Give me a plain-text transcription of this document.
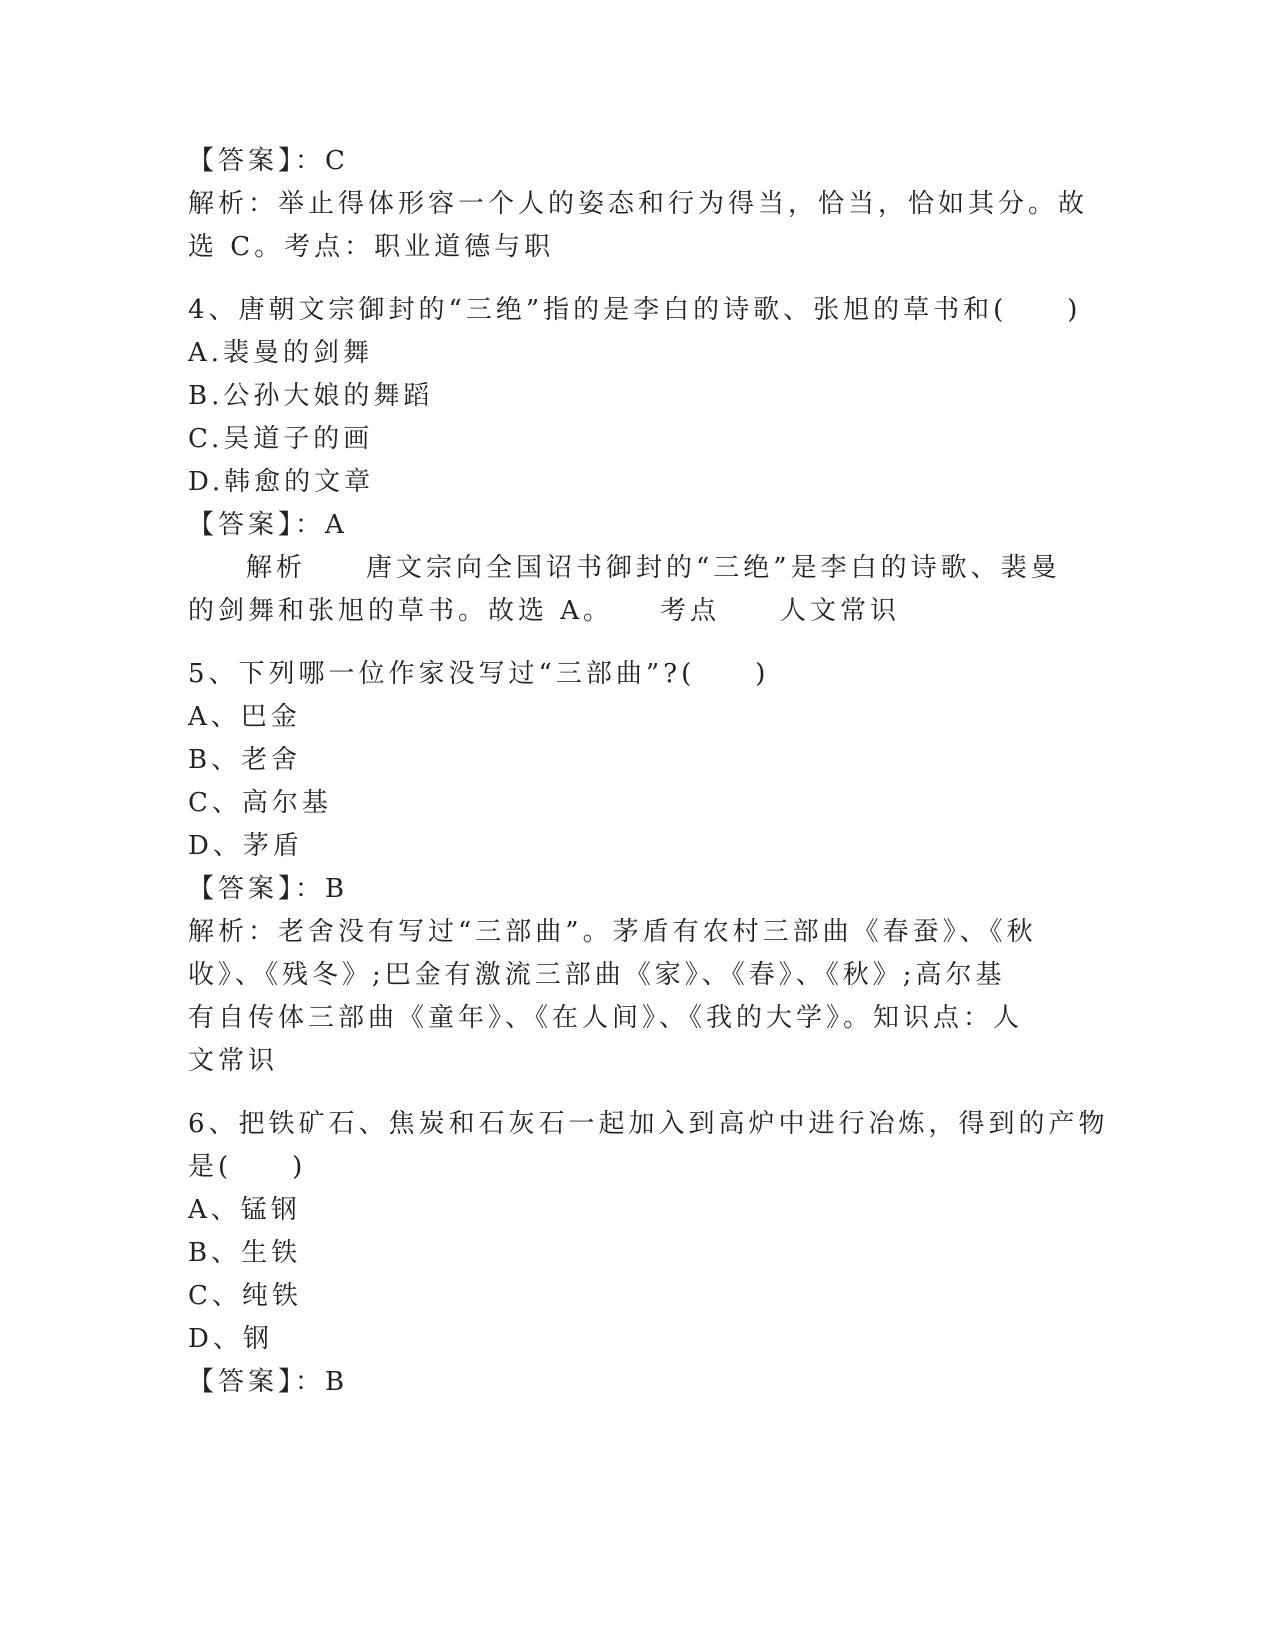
【答案】：C

解析：举止得体形容一个人的姿态和行为得当，恰当，恰如其分。故

选 C。考点：职业道德与职

4、唐朝文宗御封的“三绝”指的是李白的诗歌、张旭的草书和(　　)

A.裴曼的剑舞

B.公孙大娘的舞蹈

C.吴道子的画

D.韩愈的文章

【答案】：A

解析　　唐文宗向全国诏书御封的“三绝”是李白的诗歌、裴曼

的剑舞和张旭的草书。故选 A。　　考点　　人文常识

5、下列哪一位作家没写过“三部曲”?(　　)

A、巴金

B、老舍

C、高尔基

D、茅盾

【答案】：B

解析：老舍没有写过“三部曲”。茅盾有农村三部曲《春蚕》、《秋

收》、《残冬》;巴金有激流三部曲《家》、《春》、《秋》;高尔基

有自传体三部曲《童年》、《在人间》、《我的大学》。知识点：人

文常识

6、把铁矿石、焦炭和石灰石一起加入到高炉中进行冶炼，得到的产物

是(　　)

A、锰钢

B、生铁

C、纯铁

D、钢

【答案】：B
